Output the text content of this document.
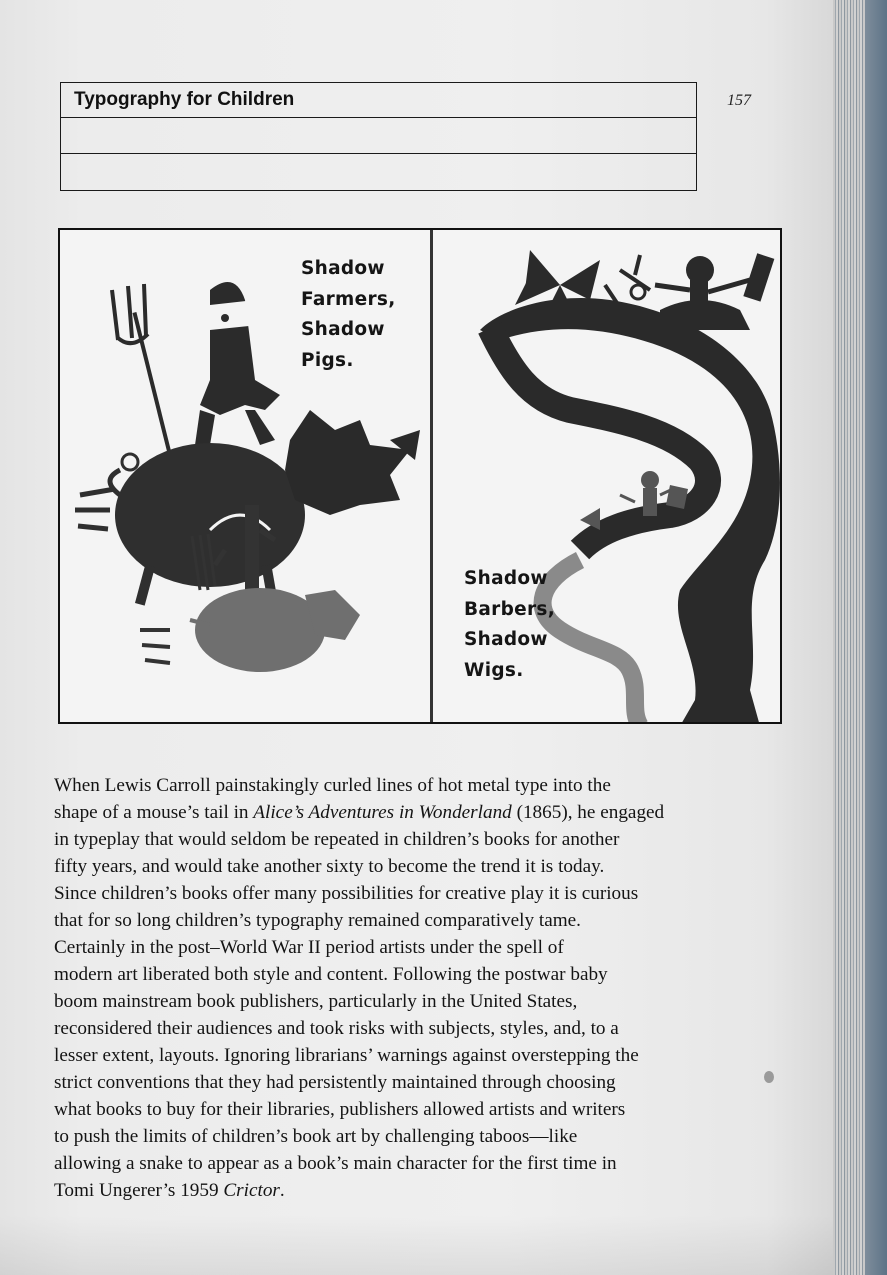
157
Typography for Children
Shadow
Farmers,
Shadow
Pigs.
Shadow
Barbers,
Shadow
Wigs.
When Lewis Carroll painstakingly curled lines of hot metal type into the
shape of a mouse’s tail in Alice’s Adventures in Wonderland (1865), he engaged
in typeplay that would seldom be repeated in children’s books for another
fifty years, and would take another sixty to become the trend it is today.
Since children’s books offer many possibilities for creative play it is curious
that for so long children’s typography remained comparatively tame.
Certainly in the post–World War II period artists under the spell of
modern art liberated both style and content. Following the postwar baby
boom mainstream book publishers, particularly in the United States,
reconsidered their audiences and took risks with subjects, styles, and, to a
lesser extent, layouts. Ignoring librarians’ warnings against overstepping the
strict conventions that they had persistently maintained through choosing
what books to buy for their libraries, publishers allowed artists and writers
to push the limits of children’s book art by challenging taboos—like
allowing a snake to appear as a book’s main character for the first time in
Tomi Ungerer’s 1959 Crictor.
